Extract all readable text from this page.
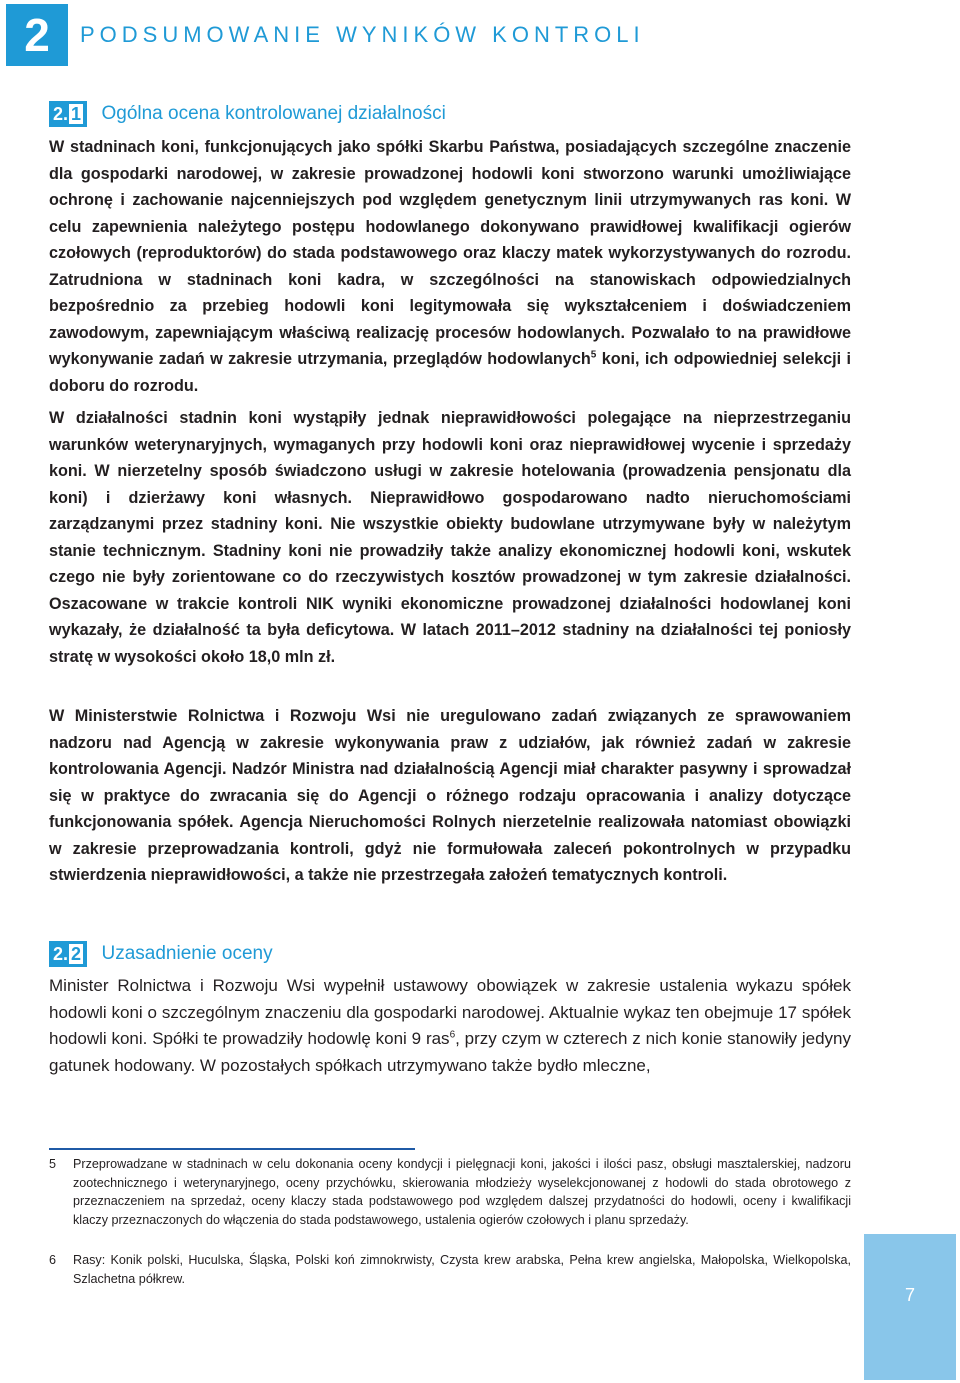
2	PODSUMOWANIE WYNIKÓW KONTROLI
2. 1 Ogólna ocena kontrolowanej działalności

W stadninach koni, funkcjonujących jako spółki Skarbu Państwa, posiadających szczególne znaczenie dla gospodarki narodowej, w zakresie prowadzonej hodowli koni stworzono warunki umożliwiające ochronę i zachowanie najcenniejszych pod względem genetycznym linii utrzymywanych ras koni. W celu zapewnienia należytego postępu hodowlanego dokonywano prawidłowej kwalifikacji ogierów czołowych (reproduktorów) do stada podstawowego oraz klaczy matek wykorzystywanych do rozrodu. Zatrudniona w stadninach koni kadra, w szczególności na stanowiskach odpowiedzialnych bezpośrednio za przebieg hodowli koni legitymowała się wykształceniem i doświadczeniem zawodowym, zapewniającym właściwą realizację procesów hodowlanych. Pozwalało to na prawidłowe wykonywanie zadań w zakresie utrzymania, przeglądów hodowlanych$^5$ koni, ich odpowiedniej selekcji i doboru do rozrodu.

W działalności stadnin koni wystąpiły jednak nieprawidłowości polegające na nieprzestrzeganiu warunków weterynaryjnych, wymaganych przy hodowli koni oraz nieprawidłowej wycenie i sprzedaży koni. W nierzetelny sposób świadczono usługi w zakresie hotelowania (prowadzenia pensjonatu dla koni) i dzierżawy koni własnych. Nieprawidłowo gospodarowano nadto nieruchomościami zarządzanymi przez stadniny koni. Nie wszystkie obiekty budowlane utrzymywane były w należytym stanie technicznym. Stadniny koni nie prowadziły także analizy ekonomicznej hodowli koni, wskutek czego nie były zorientowane co do rzeczywistych kosztów prowadzonej w tym zakresie działalności. Oszacowane w trakcie kontroli NIK wyniki ekonomiczne prowadzonej działalności hodowlanej koni wykazały, że działalność ta była deficytowa. W latach 2011–2012 stadniny na działalności tej poniosły stratę w wysokości około 18,0 mln zł.

W Ministerstwie Rolnictwa i Rozwoju Wsi nie uregulowano zadań związanych ze sprawowaniem nadzoru nad Agencją w zakresie wykonywania praw z udziałów, jak również zadań w zakresie kontrolowania Agencji. Nadzór Ministra nad działalnością Agencji miał charakter pasywny i sprowadzał się w praktyce do zwracania się do Agencji o różnego rodzaju opracowania i analizy dotyczące funkcjonowania spółek. Agencja Nieruchomości Rolnych nierzetelnie realizowała natomiast obowiązki w zakresie przeprowadzania kontroli, gdyż nie formułowała zaleceń pokontrolnych w przypadku stwierdzenia nieprawidłowości, a także nie przestrzegała założeń tematycznych kontroli.

2. 2 Uzasadnienie oceny

Minister Rolnictwa i Rozwoju Wsi wypełnił ustawowy obowiązek w zakresie ustalenia wykazu spółek hodowli koni o szczególnym znaczeniu dla gospodarki narodowej. Aktualnie wykaz ten obejmuje 17 spółek hodowli koni. Spółki te prowadziły hodowlę koni 9 ras$^6$, przy czym w czterech z nich konie stanowiły jedyny gatunek hodowany. W pozostałych spółkach utrzymywano także bydło mleczne,

5	Przeprowadzane w stadninach w celu dokonania oceny kondycji i pielęgnacji koni, jakości i ilości pasz, obsługi masztalerskiej, nadzoru zootechnicznego i weterynaryjnego, oceny przychówku, skierowania młodzieży wyselekcjonowanej z hodowli do stada obrotowego z przeznaczeniem na sprzedaż, oceny klaczy stada podstawowego pod względem dalszej przydatności do hodowli, oceny i kwalifikacji klaczy przeznaczonych do włączenia do stada podstawowego, ustalenia ogierów czołowych i planu sprzedaży.
6	Rasy: Konik polski, Huculska, Śląska, Polski koń zimnokrwisty, Czysta krew arabska, Pełna krew angielska, Małopolska, Wielkopolska, Szlachetna półkrew.
7
